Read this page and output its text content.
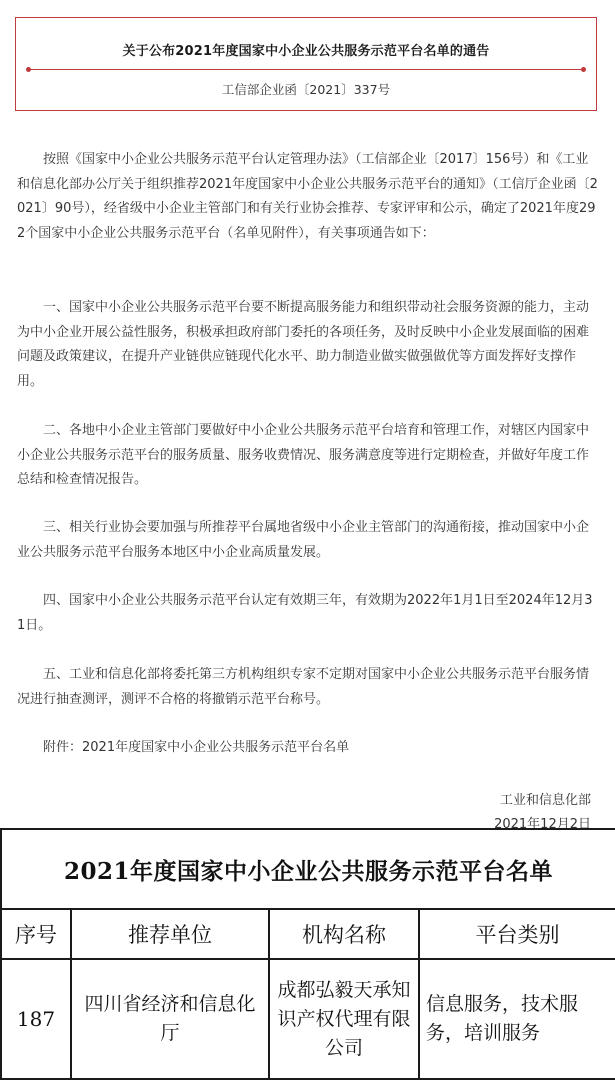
关于公布2021年度国家中小企业公共服务示范平台名单的通告
工信部企业函〔2021〕337号

按照《国家中小企业公共服务示范平台认定管理办法》（工信部企业〔2017〕156号）和《工业和信息化部办公厅关于组织推荐2021年度国家中小企业公共服务示范平台的通知》（工信厅企业函〔2021〕90号），经省级中小企业主管部门和有关行业协会推荐、专家评审和公示，确定了2021年度292个国家中小企业公共服务示范平台（名单见附件），有关事项通告如下：

一、国家中小企业公共服务示范平台要不断提高服务能力和组织带动社会服务资源的能力，主动为中小企业开展公益性服务，积极承担政府部门委托的各项任务，及时反映中小企业发展面临的困难问题及政策建议，在提升产业链供应链现代化水平、助力制造业做实做强做优等方面发挥好支撑作用。

二、各地中小企业主管部门要做好中小企业公共服务示范平台培育和管理工作，对辖区内国家中小企业公共服务示范平台的服务质量、服务收费情况、服务满意度等进行定期检查，并做好年度工作总结和检查情况报告。

三、相关行业协会要加强与所推荐平台属地省级中小企业主管部门的沟通衔接，推动国家中小企业公共服务示范平台服务本地区中小企业高质量发展。

四、国家中小企业公共服务示范平台认定有效期三年，有效期为2022年1月1日至2024年12月31日。

五、工业和信息化部将委托第三方机构组织专家不定期对国家中小企业公共服务示范平台服务情况进行抽查测评，测评不合格的将撤销示范平台称号。

附件：2021年度国家中小企业公共服务示范平台名单

工业和信息化部
2021年12月2日
2021年度国家中小企业公共服务示范平台名单			
序号	推荐单位	机构名称	平台类别
187	四川省经济和信息化厅	成都弘毅天承知识产权代理有限公司	信息服务，技术服务，培训服务
